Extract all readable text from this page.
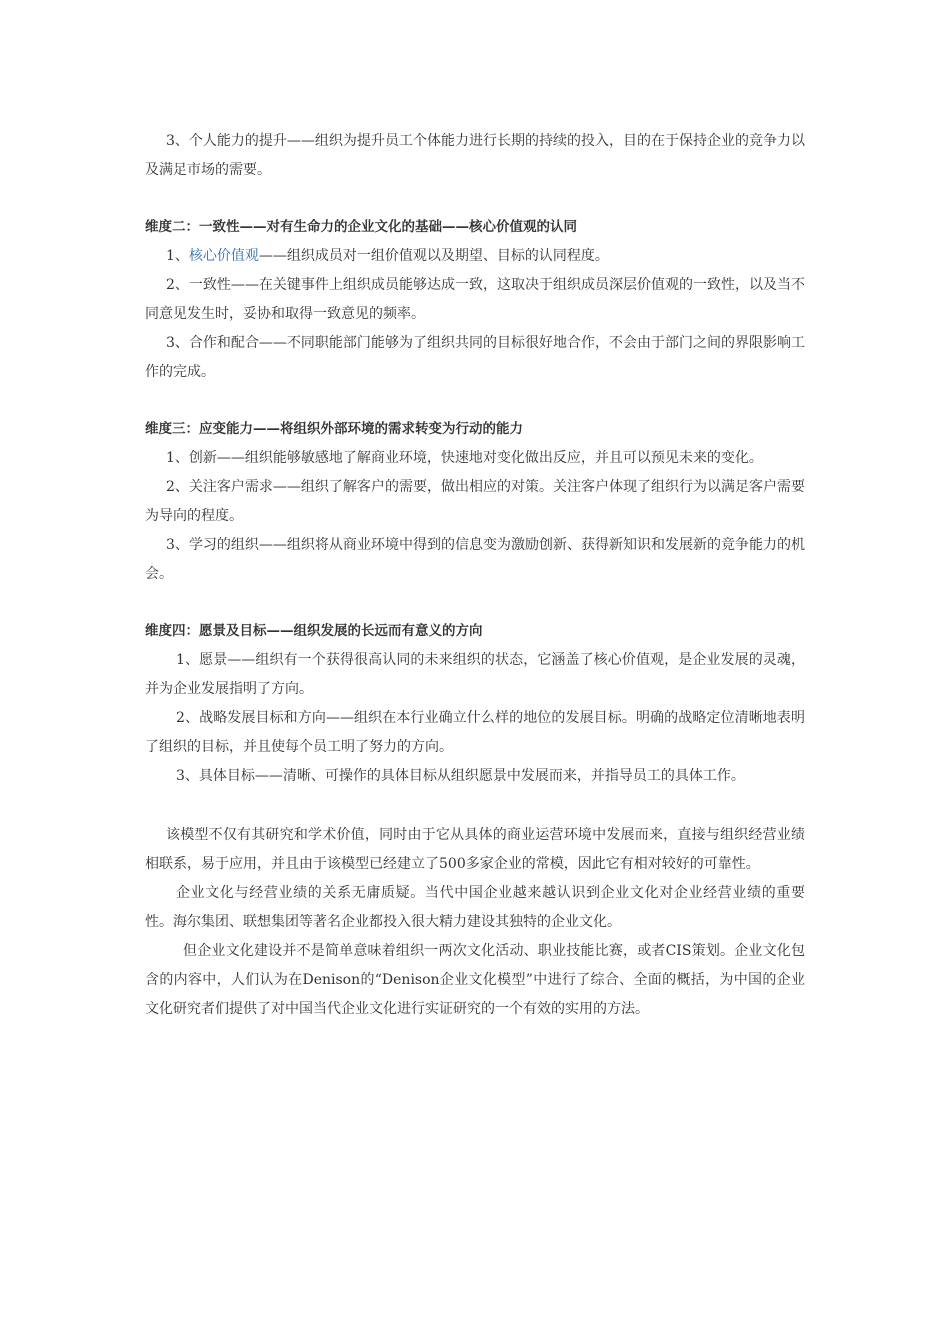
3、个人能力的提升——组织为提升员工个体能力进行长期的持续的投入，目的在于保持企业的竞争力以及满足市场的需要。

维度二：一致性——对有生命力的企业文化的基础——核心价值观的认同

1、核心价值观——组织成员对一组价值观以及期望、目标的认同程度。

2、一致性——在关键事件上组织成员能够达成一致，这取决于组织成员深层价值观的一致性，以及当不同意见发生时，妥协和取得一致意见的频率。

3、合作和配合——不同职能部门能够为了组织共同的目标很好地合作，不会由于部门之间的界限影响工作的完成。

维度三：应变能力——将组织外部环境的需求转变为行动的能力

1、创新——组织能够敏感地了解商业环境，快速地对变化做出反应，并且可以预见未来的变化。

2、关注客户需求——组织了解客户的需要，做出相应的对策。关注客户体现了组织行为以满足客户需要为导向的程度。

3、学习的组织——组织将从商业环境中得到的信息变为激励创新、获得新知识和发展新的竞争能力的机会。

维度四：愿景及目标——组织发展的长远而有意义的方向

1、愿景——组织有一个获得很高认同的未来组织的状态，它涵盖了核心价值观，是企业发展的灵魂，并为企业发展指明了方向。

2、战略发展目标和方向——组织在本行业确立什么样的地位的发展目标。明确的战略定位清晰地表明了组织的目标，并且使每个员工明了努力的方向。

3、具体目标——清晰、可操作的具体目标从组织愿景中发展而来，并指导员工的具体工作。

该模型不仅有其研究和学术价值，同时由于它从具体的商业运营环境中发展而来，直接与组织经营业绩相联系，易于应用，并且由于该模型已经建立了500多家企业的常模，因此它有相对较好的可靠性。

企业文化与经营业绩的关系无庸质疑。当代中国企业越来越认识到企业文化对企业经营业绩的重要性。海尔集团、联想集团等著名企业都投入很大精力建设其独特的企业文化。

但企业文化建设并不是简单意味着组织一两次文化活动、职业技能比赛，或者CIS策划。企业文化包含的内容中，人们认为在Denison的“Denison企业文化模型”中进行了综合、全面的概括，为中国的企业文化研究者们提供了对中国当代企业文化进行实证研究的一个有效的实用的方法。
